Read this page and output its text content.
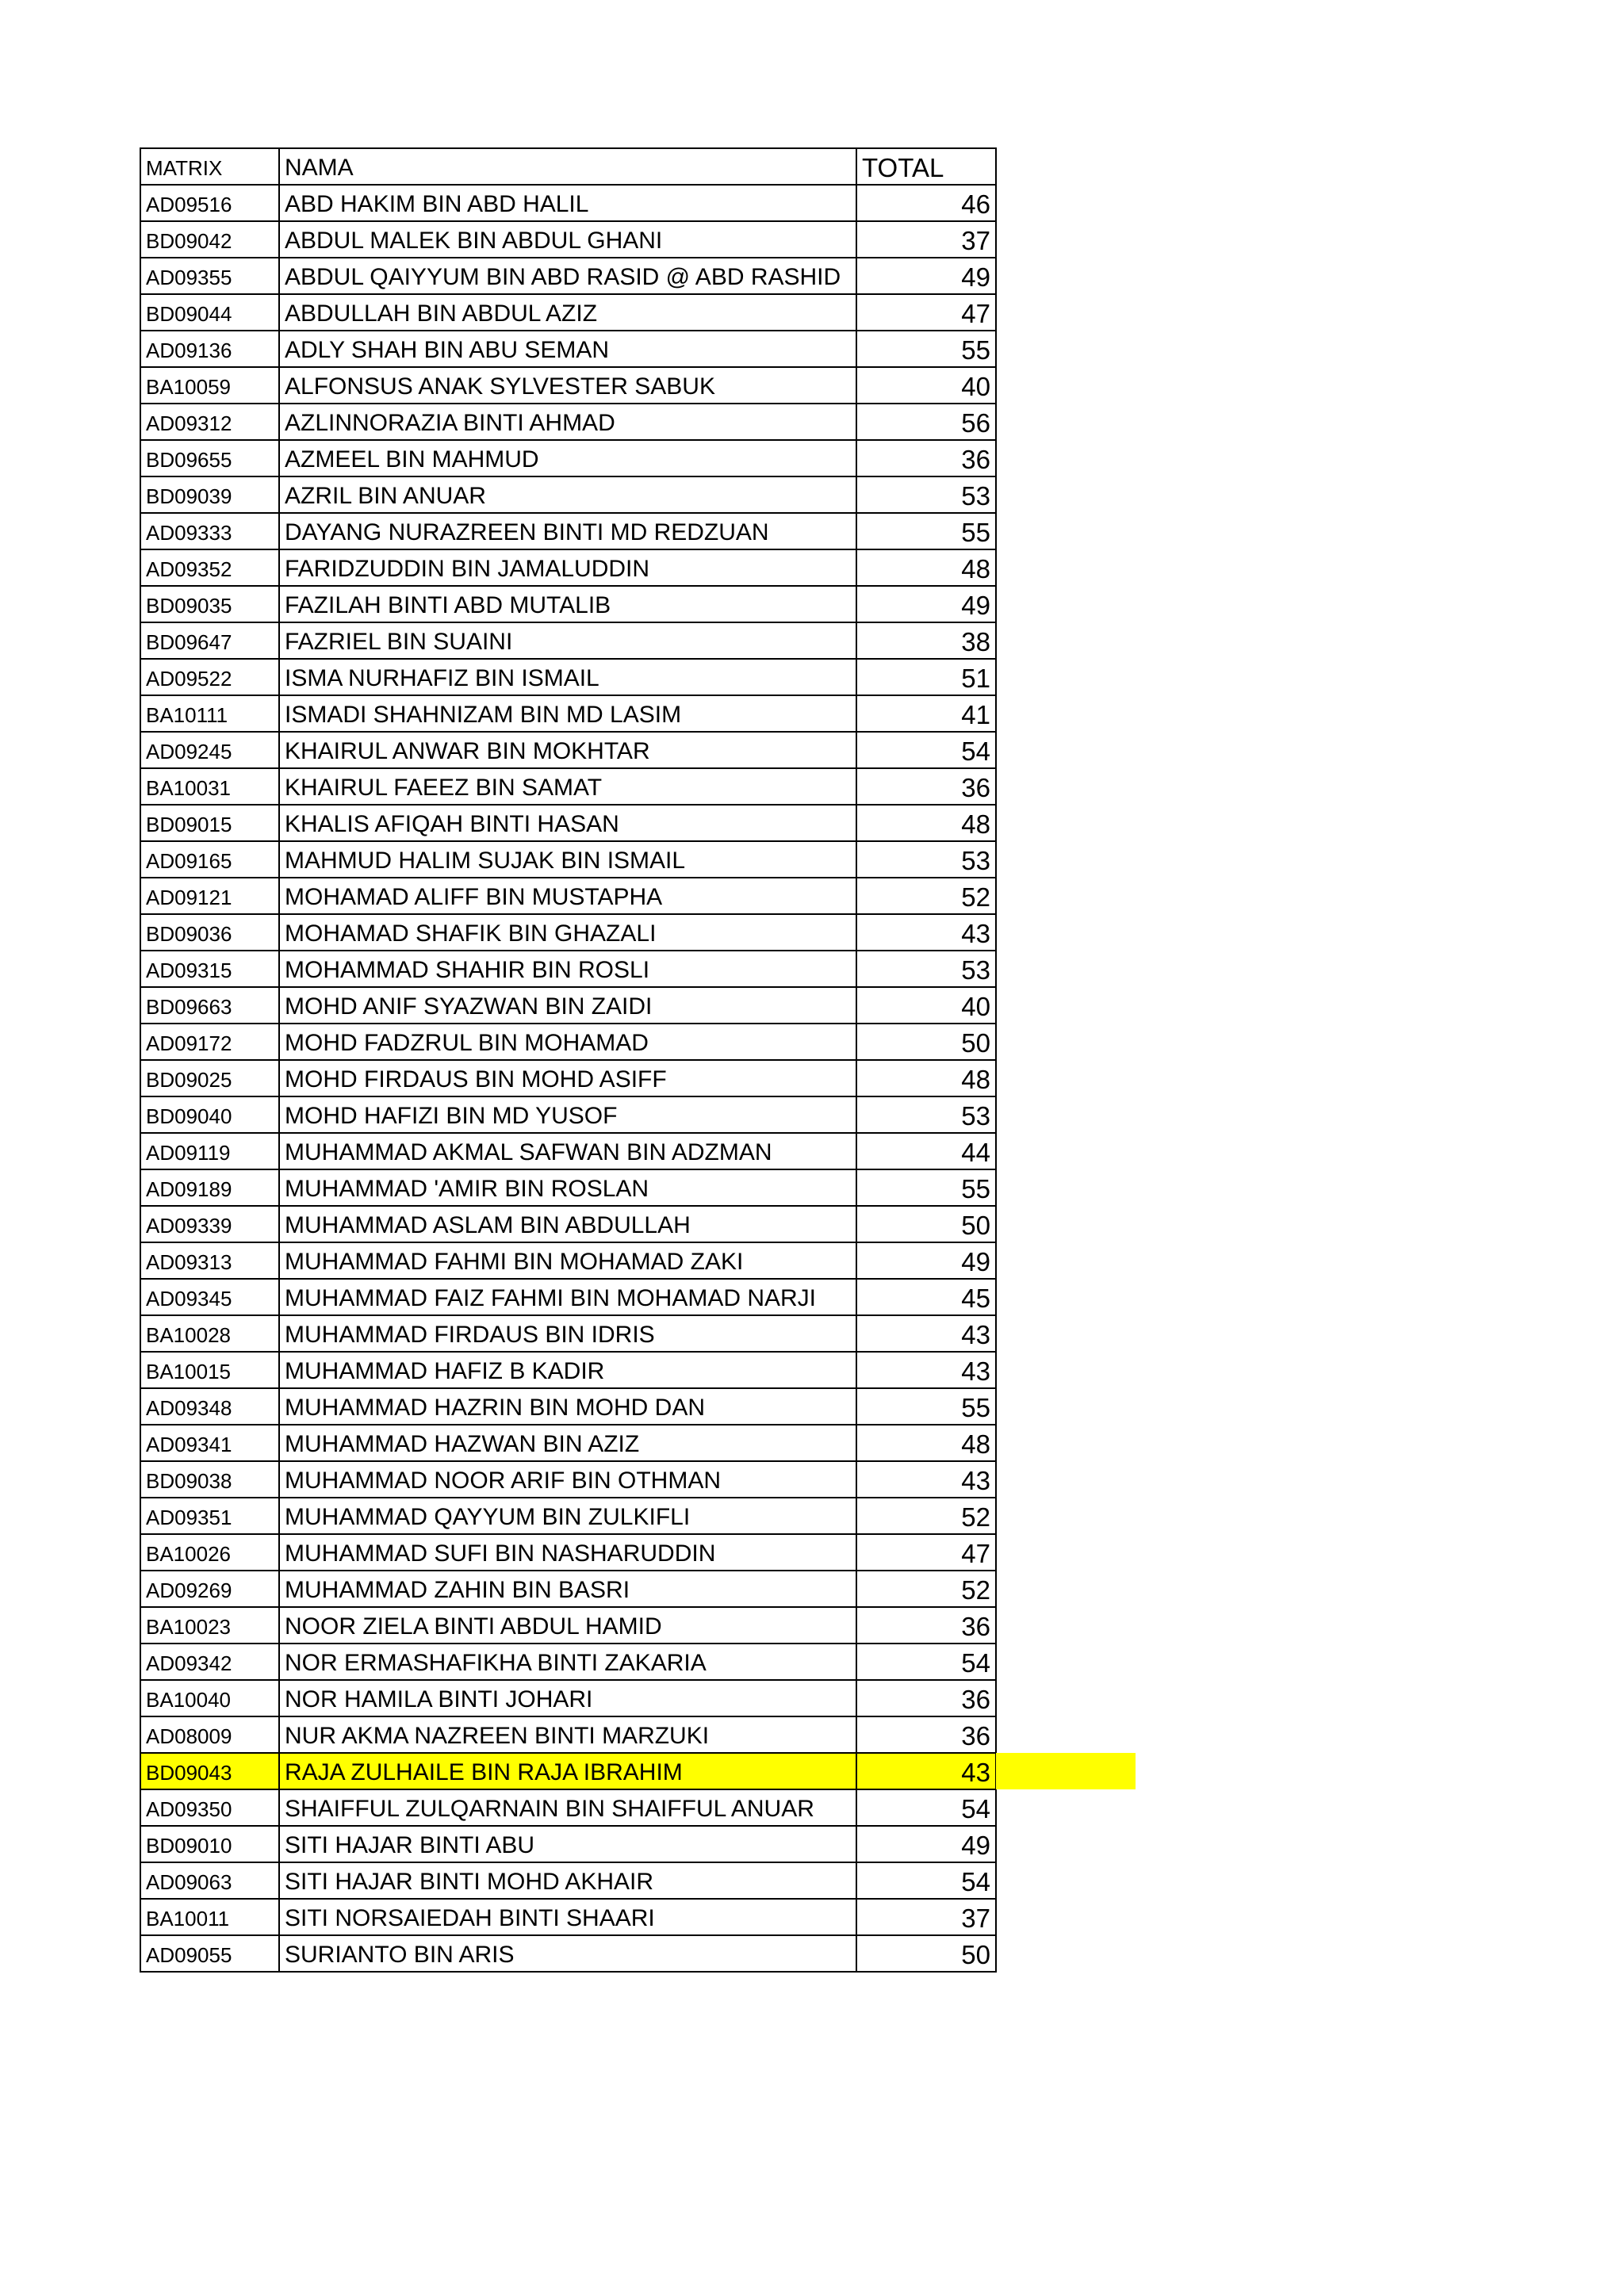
MATRIX	NAMA	TOTAL
AD09516	ABD HAKIM BIN ABD HALIL	46
BD09042	ABDUL MALEK BIN ABDUL GHANI	37
AD09355	ABDUL QAIYYUM BIN ABD RASID @ ABD RASHID	49
BD09044	ABDULLAH BIN ABDUL AZIZ	47
AD09136	ADLY SHAH BIN ABU SEMAN	55
BA10059	ALFONSUS ANAK SYLVESTER SABUK	40
AD09312	AZLINNORAZIA BINTI AHMAD	56
BD09655	AZMEEL BIN MAHMUD	36
BD09039	AZRIL BIN ANUAR	53
AD09333	DAYANG NURAZREEN BINTI MD REDZUAN	55
AD09352	FARIDZUDDIN BIN JAMALUDDIN	48
BD09035	FAZILAH BINTI ABD MUTALIB	49
BD09647	FAZRIEL BIN SUAINI	38
AD09522	ISMA NURHAFIZ BIN ISMAIL	51
BA10111	ISMADI SHAHNIZAM BIN MD LASIM	41
AD09245	KHAIRUL ANWAR BIN MOKHTAR	54
BA10031	KHAIRUL FAEEZ BIN SAMAT	36
BD09015	KHALIS AFIQAH BINTI HASAN	48
AD09165	MAHMUD HALIM SUJAK BIN ISMAIL	53
AD09121	MOHAMAD ALIFF BIN MUSTAPHA	52
BD09036	MOHAMAD SHAFIK BIN GHAZALI	43
AD09315	MOHAMMAD SHAHIR BIN ROSLI	53
BD09663	MOHD ANIF SYAZWAN BIN ZAIDI	40
AD09172	MOHD FADZRUL BIN MOHAMAD	50
BD09025	MOHD FIRDAUS BIN MOHD ASIFF	48
BD09040	MOHD HAFIZI BIN MD YUSOF	53
AD09119	MUHAMMAD AKMAL SAFWAN BIN ADZMAN	44
AD09189	MUHAMMAD 'AMIR BIN ROSLAN	55
AD09339	MUHAMMAD ASLAM BIN ABDULLAH	50
AD09313	MUHAMMAD FAHMI BIN MOHAMAD ZAKI	49
AD09345	MUHAMMAD FAIZ FAHMI BIN MOHAMAD NARJI	45
BA10028	MUHAMMAD FIRDAUS BIN IDRIS	43
BA10015	MUHAMMAD HAFIZ B KADIR	43
AD09348	MUHAMMAD HAZRIN BIN MOHD DAN	55
AD09341	MUHAMMAD HAZWAN BIN AZIZ	48
BD09038	MUHAMMAD NOOR ARIF BIN OTHMAN	43
AD09351	MUHAMMAD QAYYUM BIN ZULKIFLI	52
BA10026	MUHAMMAD SUFI BIN NASHARUDDIN	47
AD09269	MUHAMMAD ZAHIN BIN BASRI	52
BA10023	NOOR ZIELA BINTI ABDUL HAMID	36
AD09342	NOR ERMASHAFIKHA BINTI ZAKARIA	54
BA10040	NOR HAMILA BINTI JOHARI	36
AD08009	NUR AKMA NAZREEN BINTI MARZUKI	36
BD09043	RAJA ZULHAILE BIN RAJA IBRAHIM	43
AD09350	SHAIFFUL ZULQARNAIN BIN SHAIFFUL ANUAR	54
BD09010	SITI HAJAR BINTI ABU	49
AD09063	SITI HAJAR BINTI MOHD AKHAIR	54
BA10011	SITI NORSAIEDAH BINTI SHAARI	37
AD09055	SURIANTO BIN ARIS	50
